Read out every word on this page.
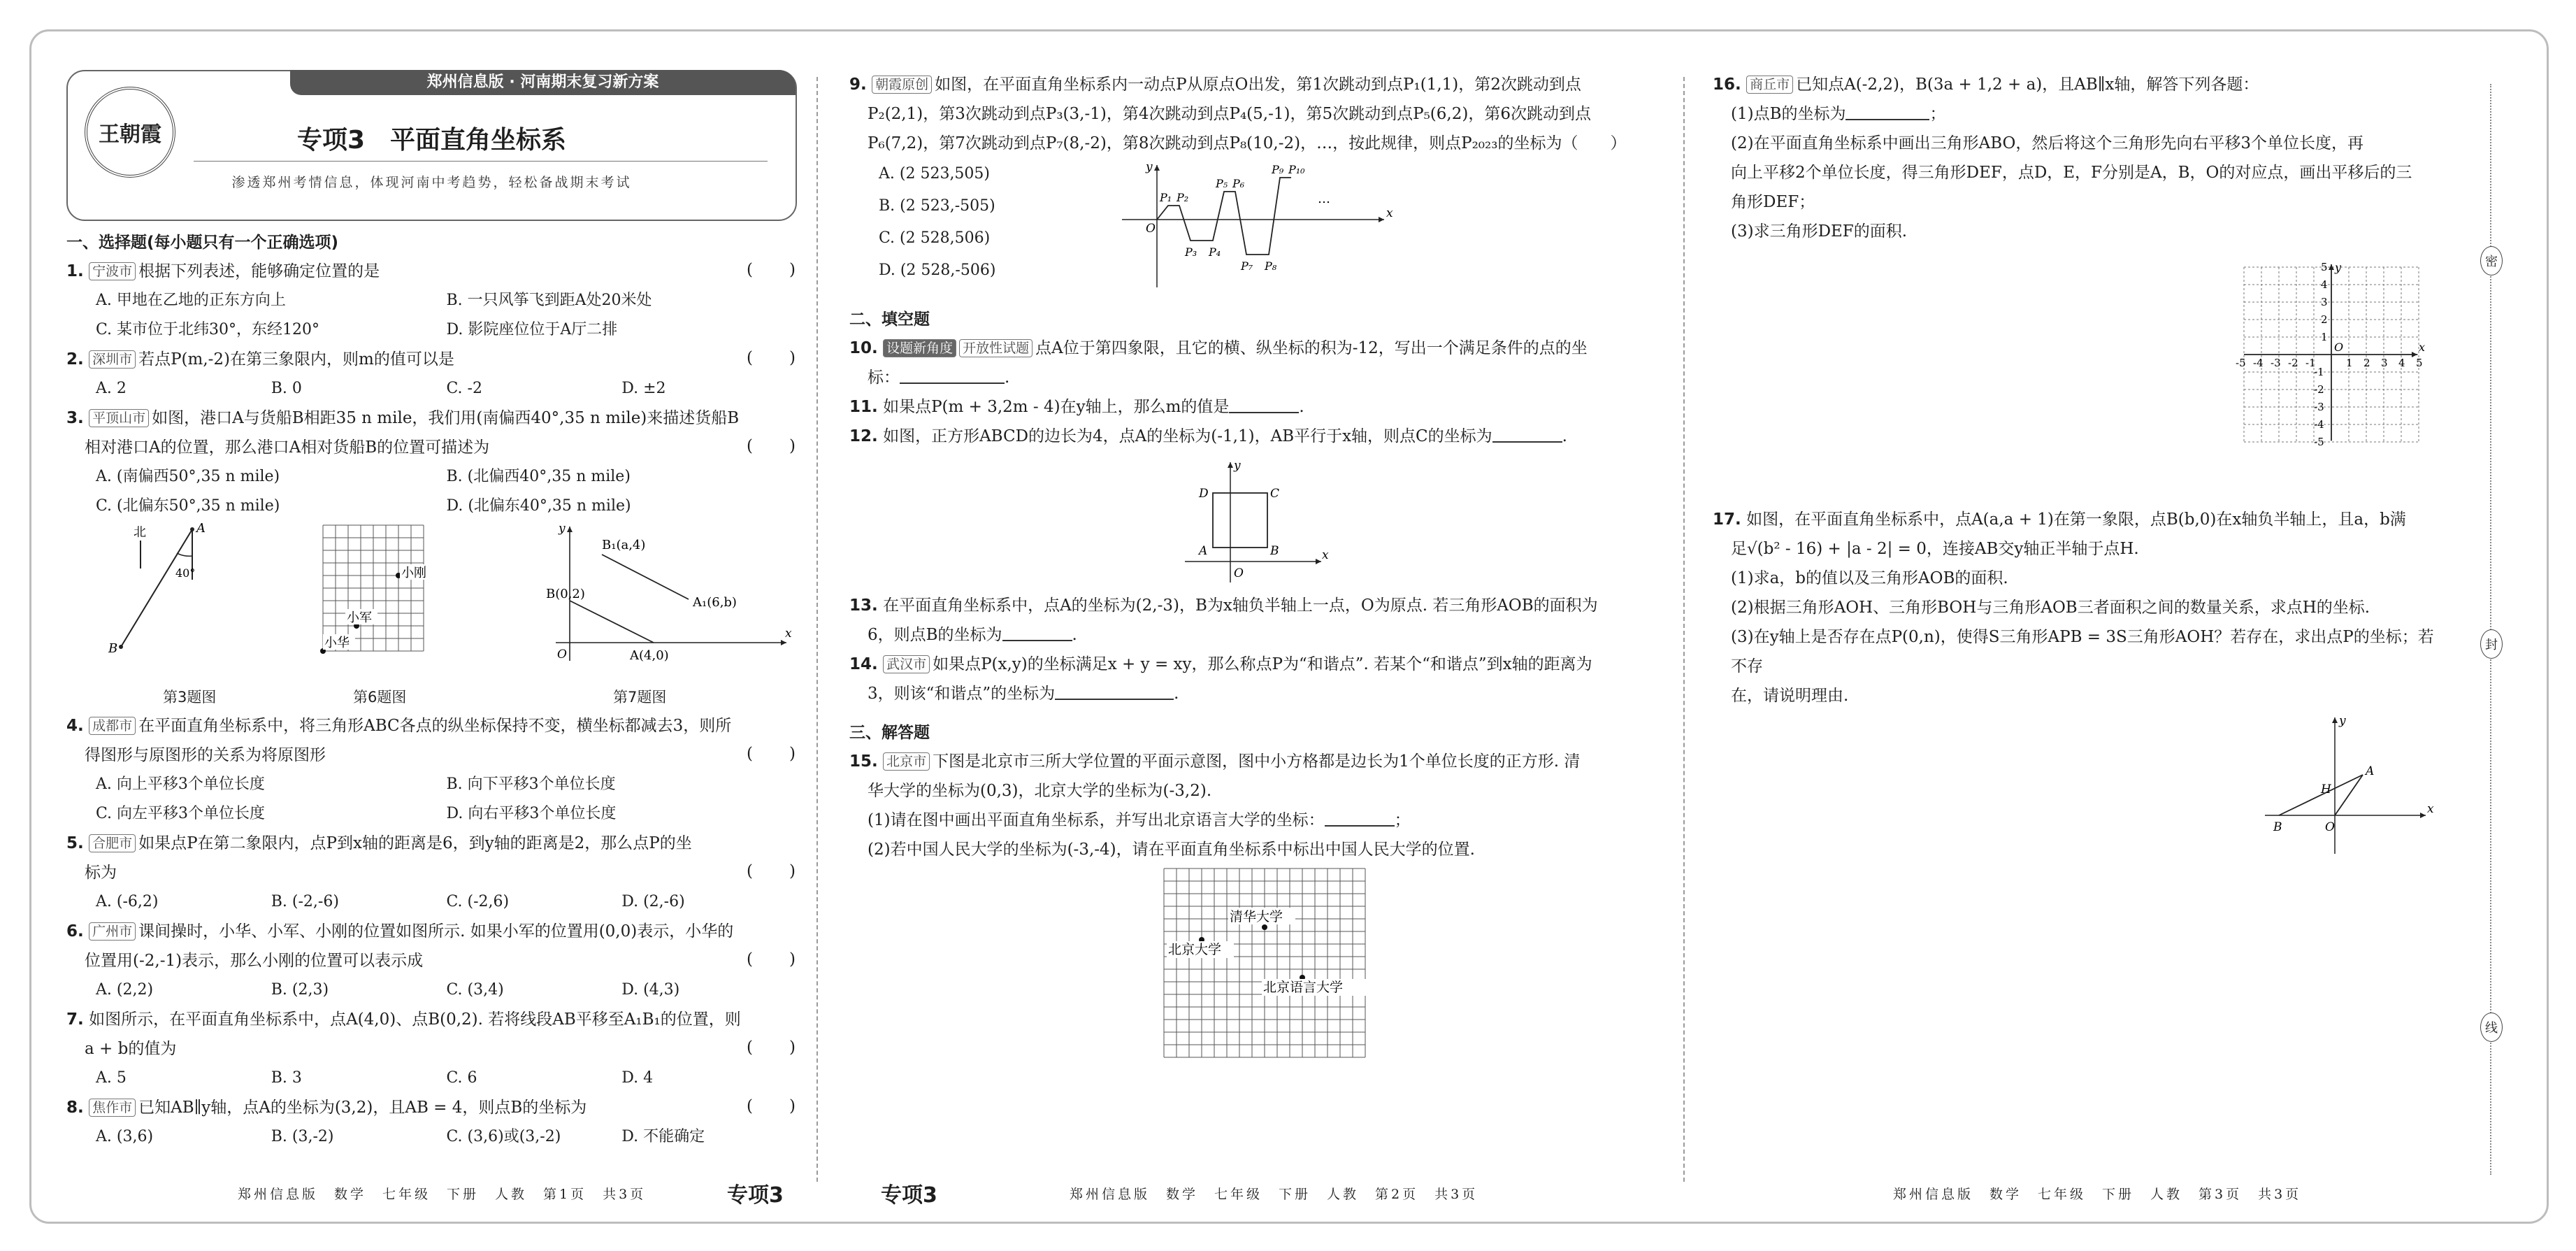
郑州信息版 · 河南期末复习新方案
王朝霞	专项3　平面直角坐标系
渗透郑州考情信息，体现河南中考趋势，轻松备战期末考试
一、选择题(每小题只有一个正确选项)

1. 宁波市 根据下列表述，能够确定位置的是	(　　)
A. 甲地在乙地的正东方向上	B. 一只风筝飞到距A处20米处
C. 某市位于北纬30°，东经120°	D. 影院座位位于A厅二排

2. 深圳市 若点P(m,-2)在第三象限内，则m的值可以是	(　　)
A. 2	B. 0	C. -2	D. ±2

3. 平顶山市 如图，港口A与货船B相距35 n mile，我们用(南偏西40°,35 n mile)来描述货船B

相对港口A的位置，那么港口A相对货船B的位置可描述为	(　　)
A. (南偏西50°,35 n mile)	B. (北偏西40°,35 n mile)
C. (北偏东50°,35 n mile)	D. (北偏东40°,35 n mile)
北	A
B
40°
第3题图
小刚
小军
小华
第6题图
x
y
O
B(0,2)
A(4,0)
B₁(a,4)
A₁(6,b)
第7题图

4. 成都市 在平面直角坐标系中，将三角形ABC各点的纵坐标保持不变，横坐标都减去3，则所

得图形与原图形的关系为将原图形	(　　)
A. 向上平移3个单位长度	B. 向下平移3个单位长度
C. 向左平移3个单位长度	D. 向右平移3个单位长度

5. 合肥市 如果点P在第二象限内，点P到x轴的距离是6，到y轴的距离是2，那么点P的坐

标为	(　　)
A. (-6,2)	B. (-2,-6)	C. (-2,6)	D. (2,-6)

6. 广州市 课间操时，小华、小军、小刚的位置如图所示. 如果小军的位置用(0,0)表示，小华的

位置用(-2,-1)表示，那么小刚的位置可以表示成	(　　)
A. (2,2)	B. (2,3)	C. (3,4)	D. (4,3)

7. 如图所示，在平面直角坐标系中，点A(4,0)、点B(0,2). 若将线段AB平移至A₁B₁的位置，则

a + b的值为	(　　)
A. 5	B. 3	C. 6	D. 4

8. 焦作市 已知AB∥y轴，点A的坐标为(3,2)，且AB = 4，则点B的坐标为	(　　)
A. (3,6)	B. (3,-2)	C. (3,6)或(3,-2)	D. 不能确定

9. 朝霞原创 如图，在平面直角坐标系内一动点P从原点O出发，第1次跳动到点P₁(1,1)，第2次跳动到点

P₂(2,1)，第3次跳动到点P₃(3,-1)，第4次跳动到点P₄(5,-1)，第5次跳动到点P₅(6,2)，第6次跳动到点

P₆(7,2)，第7次跳动到点P₇(8,-2)，第8次跳动到点P₈(10,-2)，…，按此规律，则点P₂₀₂₃的坐标为（　　）

A. (2 523,505)
B. (2 523,-505)
C. (2 528,506)
D. (2 528,-506)
x
y
O
P₁ P₂
P₃ P₄
P₅ P₆
P₇ P₈
P₉ P₁₀
…
二、填空题

10. 设题新角度 开放性试题 点A位于第四象限，且它的横、纵坐标的积为-12，写出一个满足条件的点的坐

标：	.

11. 如果点P(m + 3,2m - 4)在y轴上，那么m的值是	.

12. 如图，正方形ABCD的边长为4，点A的坐标为(-1,1)，AB平行于x轴，则点C的坐标为	.

x
y
O
A	B
C
D

13. 在平面直角坐标系中，点A的坐标为(2,-3)，B为x轴负半轴上一点，O为原点. 若三角形AOB的面积为

6，则点B的坐标为	.

14. 武汉市 如果点P(x,y)的坐标满足x + y = xy，那么称点P为“和谐点”. 若某个“和谐点”到x轴的距离为

3，则该“和谐点”的坐标为	.

三、解答题

15. 北京市 下图是北京市三所大学位置的平面示意图，图中小方格都是边长为1个单位长度的正方形. 清

华大学的坐标为(0,3)，北京大学的坐标为(-3,2).

(1)请在图中画出平面直角坐标系，并写出北京语言大学的坐标：	；

(2)若中国人民大学的坐标为(-3,-4)，请在平面直角坐标系中标出中国人民大学的位置.

清华大学
北京大学
北京语言大学

16. 商丘市 已知点A(-2,2)，B(3a + 1,2 + a)，且AB∥x轴，解答下列各题：

(1)点B的坐标为	；

(2)在平面直角坐标系中画出三角形ABO，然后将这个三角形先向右平移3个单位长度，再

向上平移2个单位长度，得三角形DEF，点D，E，F分别是A，B，O的对应点，画出平移后的三

角形DEF；

(3)求三角形DEF的面积.

-5 -4 -3 -2 -1	1 2 3 4 5
-5
-4
-3
-2
-1
1
2
3
4
5
x
y
O

17. 如图，在平面直角坐标系中，点A(a,a + 1)在第一象限，点B(b,0)在x轴负半轴上，且a，b满

足√(b² - 16) + |a - 2| = 0，连接AB交y轴正半轴于点H.

(1)求a，b的值以及三角形AOB的面积.

(2)根据三角形AOH、三角形BOH与三角形AOB三者面积之间的数量关系，求点H的坐标.

(3)在y轴上是否存在点P(0,n)，使得S三角形APB = 3S三角形AOH？若存在，求出点P的坐标；若不存

在，请说明理由.

x
y
O
B
A
H
密
封
线
郑州信息版　数学　七年级　下册　人教　第1页　共3页	专项3	专项3	郑州信息版　数学　七年级　下册　人教　第2页　共3页	郑州信息版　数学　七年级　下册　人教　第3页　共3页
